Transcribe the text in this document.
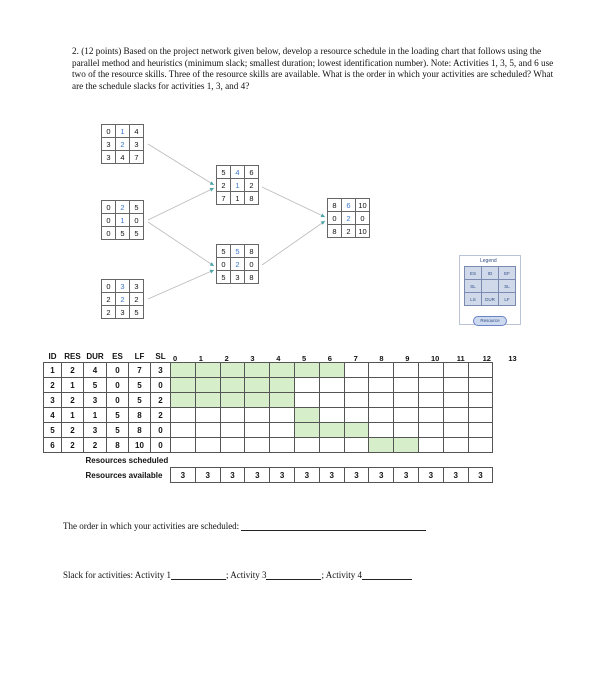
2. (12 points) Based on the project network given below, develop a resource schedule in the loading chart that follows using the parallel method and heuristics (minimum slack; smallest duration; lowest identification number). Note: Activities 1, 3, 5, and 6 use two of the resource skills. Three of the resource skills are available. What is the order in which your activities are scheduled? What are the schedule slacks for activities 1, 3, and 4?
0	1	4
3	2	3
3	4	7
0	2	5
0	1	0
0	5	5
0	3	3
2	2	2
2	3	5
5	4	6
2	1	2
7	1	8
5	5	8
0	2	0
5	3	8
8	6	10
0	2	0
8	2	10
Legend
ES	ID	EF
SL		SL
LS	DUR	LF
Resource
0	1	2	3	4	5	6	7	8	9	10 11 12 13
ID	RES	DUR	ES	LF	SL													
1	2	4	0	7	3													
2	1	5	0	5	0													
3	2	3	0	5	2													
4	1	1	5	8	2													
5	2	3	5	8	0													
6	2	2	8	10	0													
Resources scheduled																		
Resources available						3	3	3	3	3	3	3	3	3	3	3	3	3
The order in which your activities are scheduled:
Slack for activities: Activity 1	; Activity 3	; Activity 4
